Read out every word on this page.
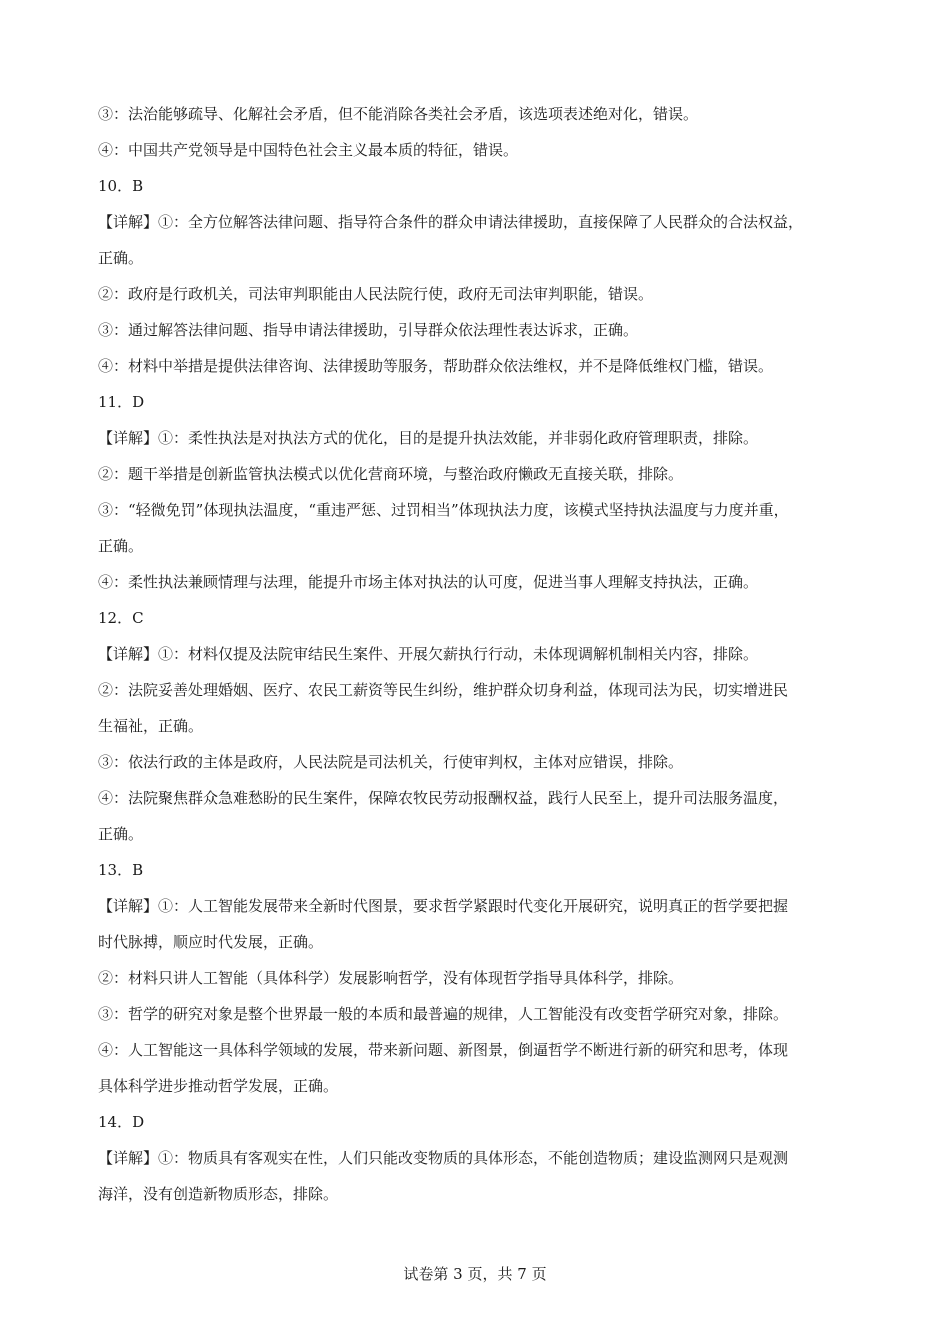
③：法治能够疏导、化解社会矛盾，但不能消除各类社会矛盾，该选项表述绝对化，错误。
④：中国共产党领导是中国特色社会主义最本质的特征，错误。
10．B
【详解】①：全方位解答法律问题、指导符合条件的群众申请法律援助，直接保障了人民群众的合法权益，
正确。
②：政府是行政机关，司法审判职能由人民法院行使，政府无司法审判职能，错误。
③：通过解答法律问题、指导申请法律援助，引导群众依法理性表达诉求，正确。
④：材料中举措是提供法律咨询、法律援助等服务，帮助群众依法维权，并不是降低维权门槛，错误。
11．D
【详解】①：柔性执法是对执法方式的优化，目的是提升执法效能，并非弱化政府管理职责，排除。
②：题干举措是创新监管执法模式以优化营商环境，与整治政府懒政无直接关联，排除。
③：“轻微免罚”体现执法温度，“重违严惩、过罚相当”体现执法力度，该模式坚持执法温度与力度并重，
正确。
④：柔性执法兼顾情理与法理，能提升市场主体对执法的认可度，促进当事人理解支持执法，正确。
12．C
【详解】①：材料仅提及法院审结民生案件、开展欠薪执行行动，未体现调解机制相关内容，排除。
②：法院妥善处理婚姻、医疗、农民工薪资等民生纠纷，维护群众切身利益，体现司法为民，切实增进民
生福祉，正确。
③：依法行政的主体是政府，人民法院是司法机关，行使审判权，主体对应错误，排除。
④：法院聚焦群众急难愁盼的民生案件，保障农牧民劳动报酬权益，践行人民至上，提升司法服务温度，
正确。
13．B
【详解】①：人工智能发展带来全新时代图景，要求哲学紧跟时代变化开展研究，说明真正的哲学要把握
时代脉搏，顺应时代发展，正确。
②：材料只讲人工智能（具体科学）发展影响哲学，没有体现哲学指导具体科学，排除。
③：哲学的研究对象是整个世界最一般的本质和最普遍的规律，人工智能没有改变哲学研究对象，排除。
④：人工智能这一具体科学领域的发展，带来新问题、新图景，倒逼哲学不断进行新的研究和思考，体现
具体科学进步推动哲学发展，正确。
14．D
【详解】①：物质具有客观实在性，人们只能改变物质的具体形态，不能创造物质；建设监测网只是观测
海洋，没有创造新物质形态，排除。
试卷第 3 页，共 7 页
